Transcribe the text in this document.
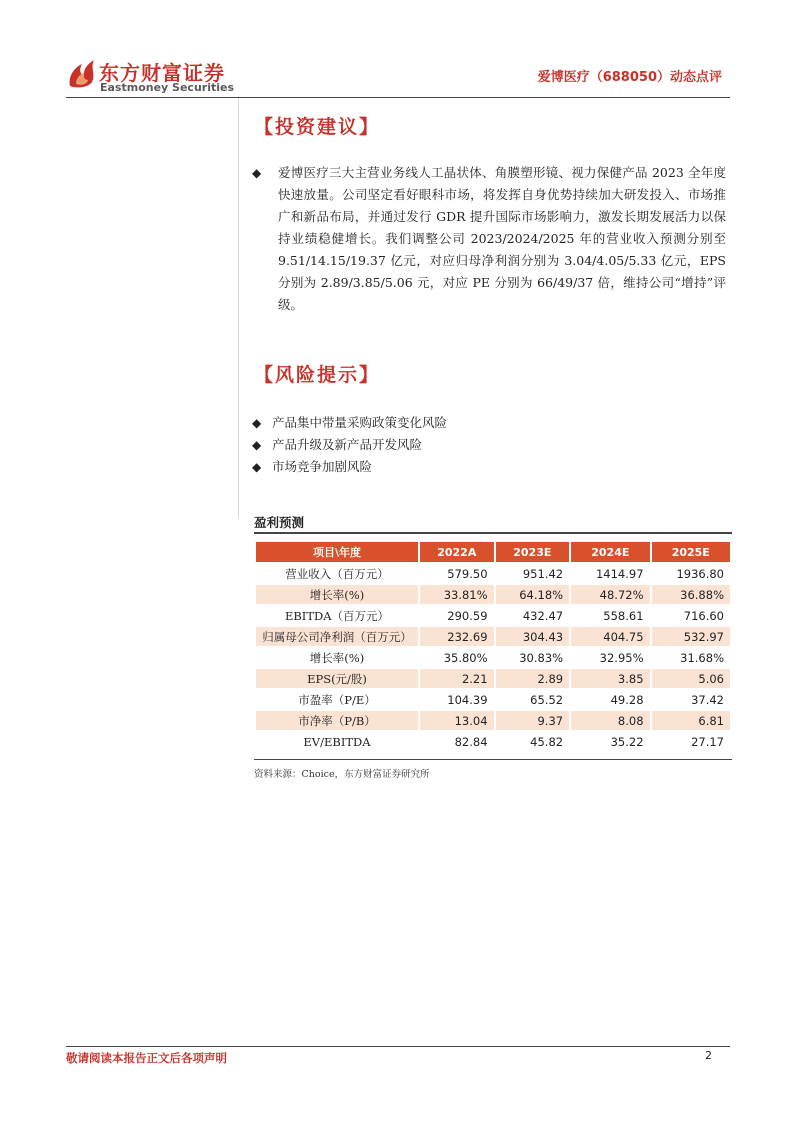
东方财富证券
Eastmoney Securities
爱博医疗（688050）动态点评
【投资建议】
◆ 爱博医疗三大主营业务线人工晶状体、角膜塑形镜、视力保健产品 2023 全年度快速放量。公司坚定看好眼科市场，将发挥自身优势持续加大研发投入、市场推广和新品布局，并通过发行 GDR 提升国际市场影响力，激发长期发展活力以保持业绩稳健增长。我们调整公司 2023/2024/2025 年的营业收入预测分别至 9.51/14.15/19.37 亿元，对应归母净利润分别为 3.04/4.05/5.33 亿元，EPS 分别为 2.89/3.85/5.06 元，对应 PE 分别为 66/49/37 倍，维持公司“增持”评级。
【风险提示】
◆ 产品集中带量采购政策变化风险
◆ 产品升级及新产品开发风险
◆ 市场竞争加剧风险
盈利预测
项目\年度	2022A	2023E	2024E	2025E
营业收入（百万元）	579.50	951.42	1414.97	1936.80
增长率(%)	33.81%	64.18%	48.72%	36.88%
EBITDA（百万元）	290.59	432.47	558.61	716.60
归属母公司净利润（百万元）	232.69	304.43	404.75	532.97
增长率(%)	35.80%	30.83%	32.95%	31.68%
EPS(元/股)	2.21	2.89	3.85	5.06
市盈率（P/E）	104.39	65.52	49.28	37.42
市净率（P/B）	13.04	9.37	8.08	6.81
EV/EBITDA	82.84	45.82	35.22	27.17
资料来源：Choice，东方财富证券研究所
敬请阅读本报告正文后各项声明	2
